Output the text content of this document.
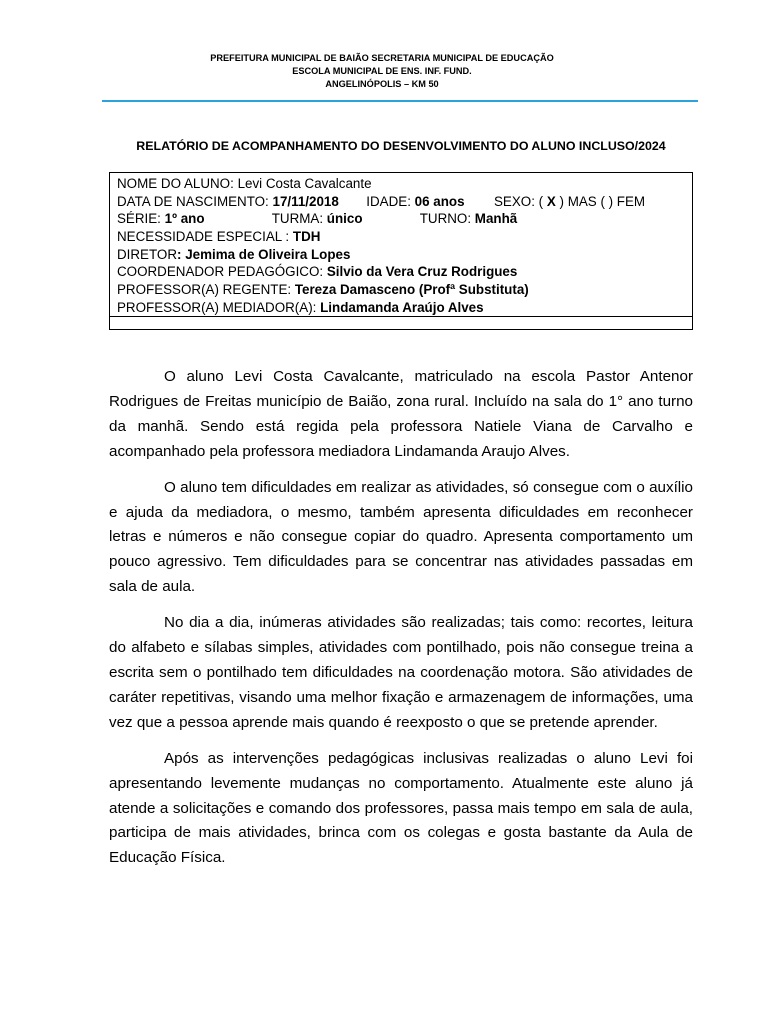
PREFEITURA MUNICIPAL DE BAIÃO SECRETARIA MUNICIPAL DE EDUCAÇÃO
ESCOLA MUNICIPAL DE ENS. INF. FUND.
ANGELINÓPOLIS – KM 50
RELATÓRIO DE ACOMPANHAMENTO DO DESENVOLVIMENTO DO ALUNO INCLUSO/2024
NOME DO ALUNO: Levi Costa Cavalcante
DATA DE NASCIMENTO: 17/11/2018 IDADE: 06 anos SEXO: ( X ) MAS ( ) FEM
SÉRIE: 1º ano	TURMA: único	TURNO: Manhã
NECESSIDADE ESPECIAL : TDH
DIRETOR: Jemima de Oliveira Lopes
COORDENADOR PEDAGÓGICO: Silvio da Vera Cruz Rodrigues
PROFESSOR(A) REGENTE: Tereza Damasceno (Profª Substituta)
PROFESSOR(A) MEDIADOR(A): Lindamanda Araújo Alves

O aluno Levi Costa Cavalcante, matriculado na escola Pastor Antenor Rodrigues de Freitas município de Baião, zona rural. Incluído na sala do 1° ano turno da manhã. Sendo está regida pela professora Natiele Viana de Carvalho e acompanhado pela professora mediadora Lindamanda Araujo Alves.

O aluno tem dificuldades em realizar as atividades, só consegue com o auxílio e ajuda da mediadora, o mesmo, também apresenta dificuldades em reconhecer letras e números e não consegue copiar do quadro. Apresenta comportamento um pouco agressivo. Tem dificuldades para se concentrar nas atividades passadas em sala de aula.

No dia a dia, inúmeras atividades são realizadas; tais como: recortes, leitura do alfabeto e sílabas simples, atividades com pontilhado, pois não consegue treina a escrita sem o pontilhado tem dificuldades na coordenação motora. São atividades de caráter repetitivas, visando uma melhor fixação e armazenagem de informações, uma vez que a pessoa aprende mais quando é reexposto o que se pretende aprender.

Após as intervenções pedagógicas inclusivas realizadas o aluno Levi foi apresentando levemente mudanças no comportamento. Atualmente este aluno já atende a solicitações e comando dos professores, passa mais tempo em sala de aula, participa de mais atividades, brinca com os colegas e gosta bastante da Aula de Educação Física.
